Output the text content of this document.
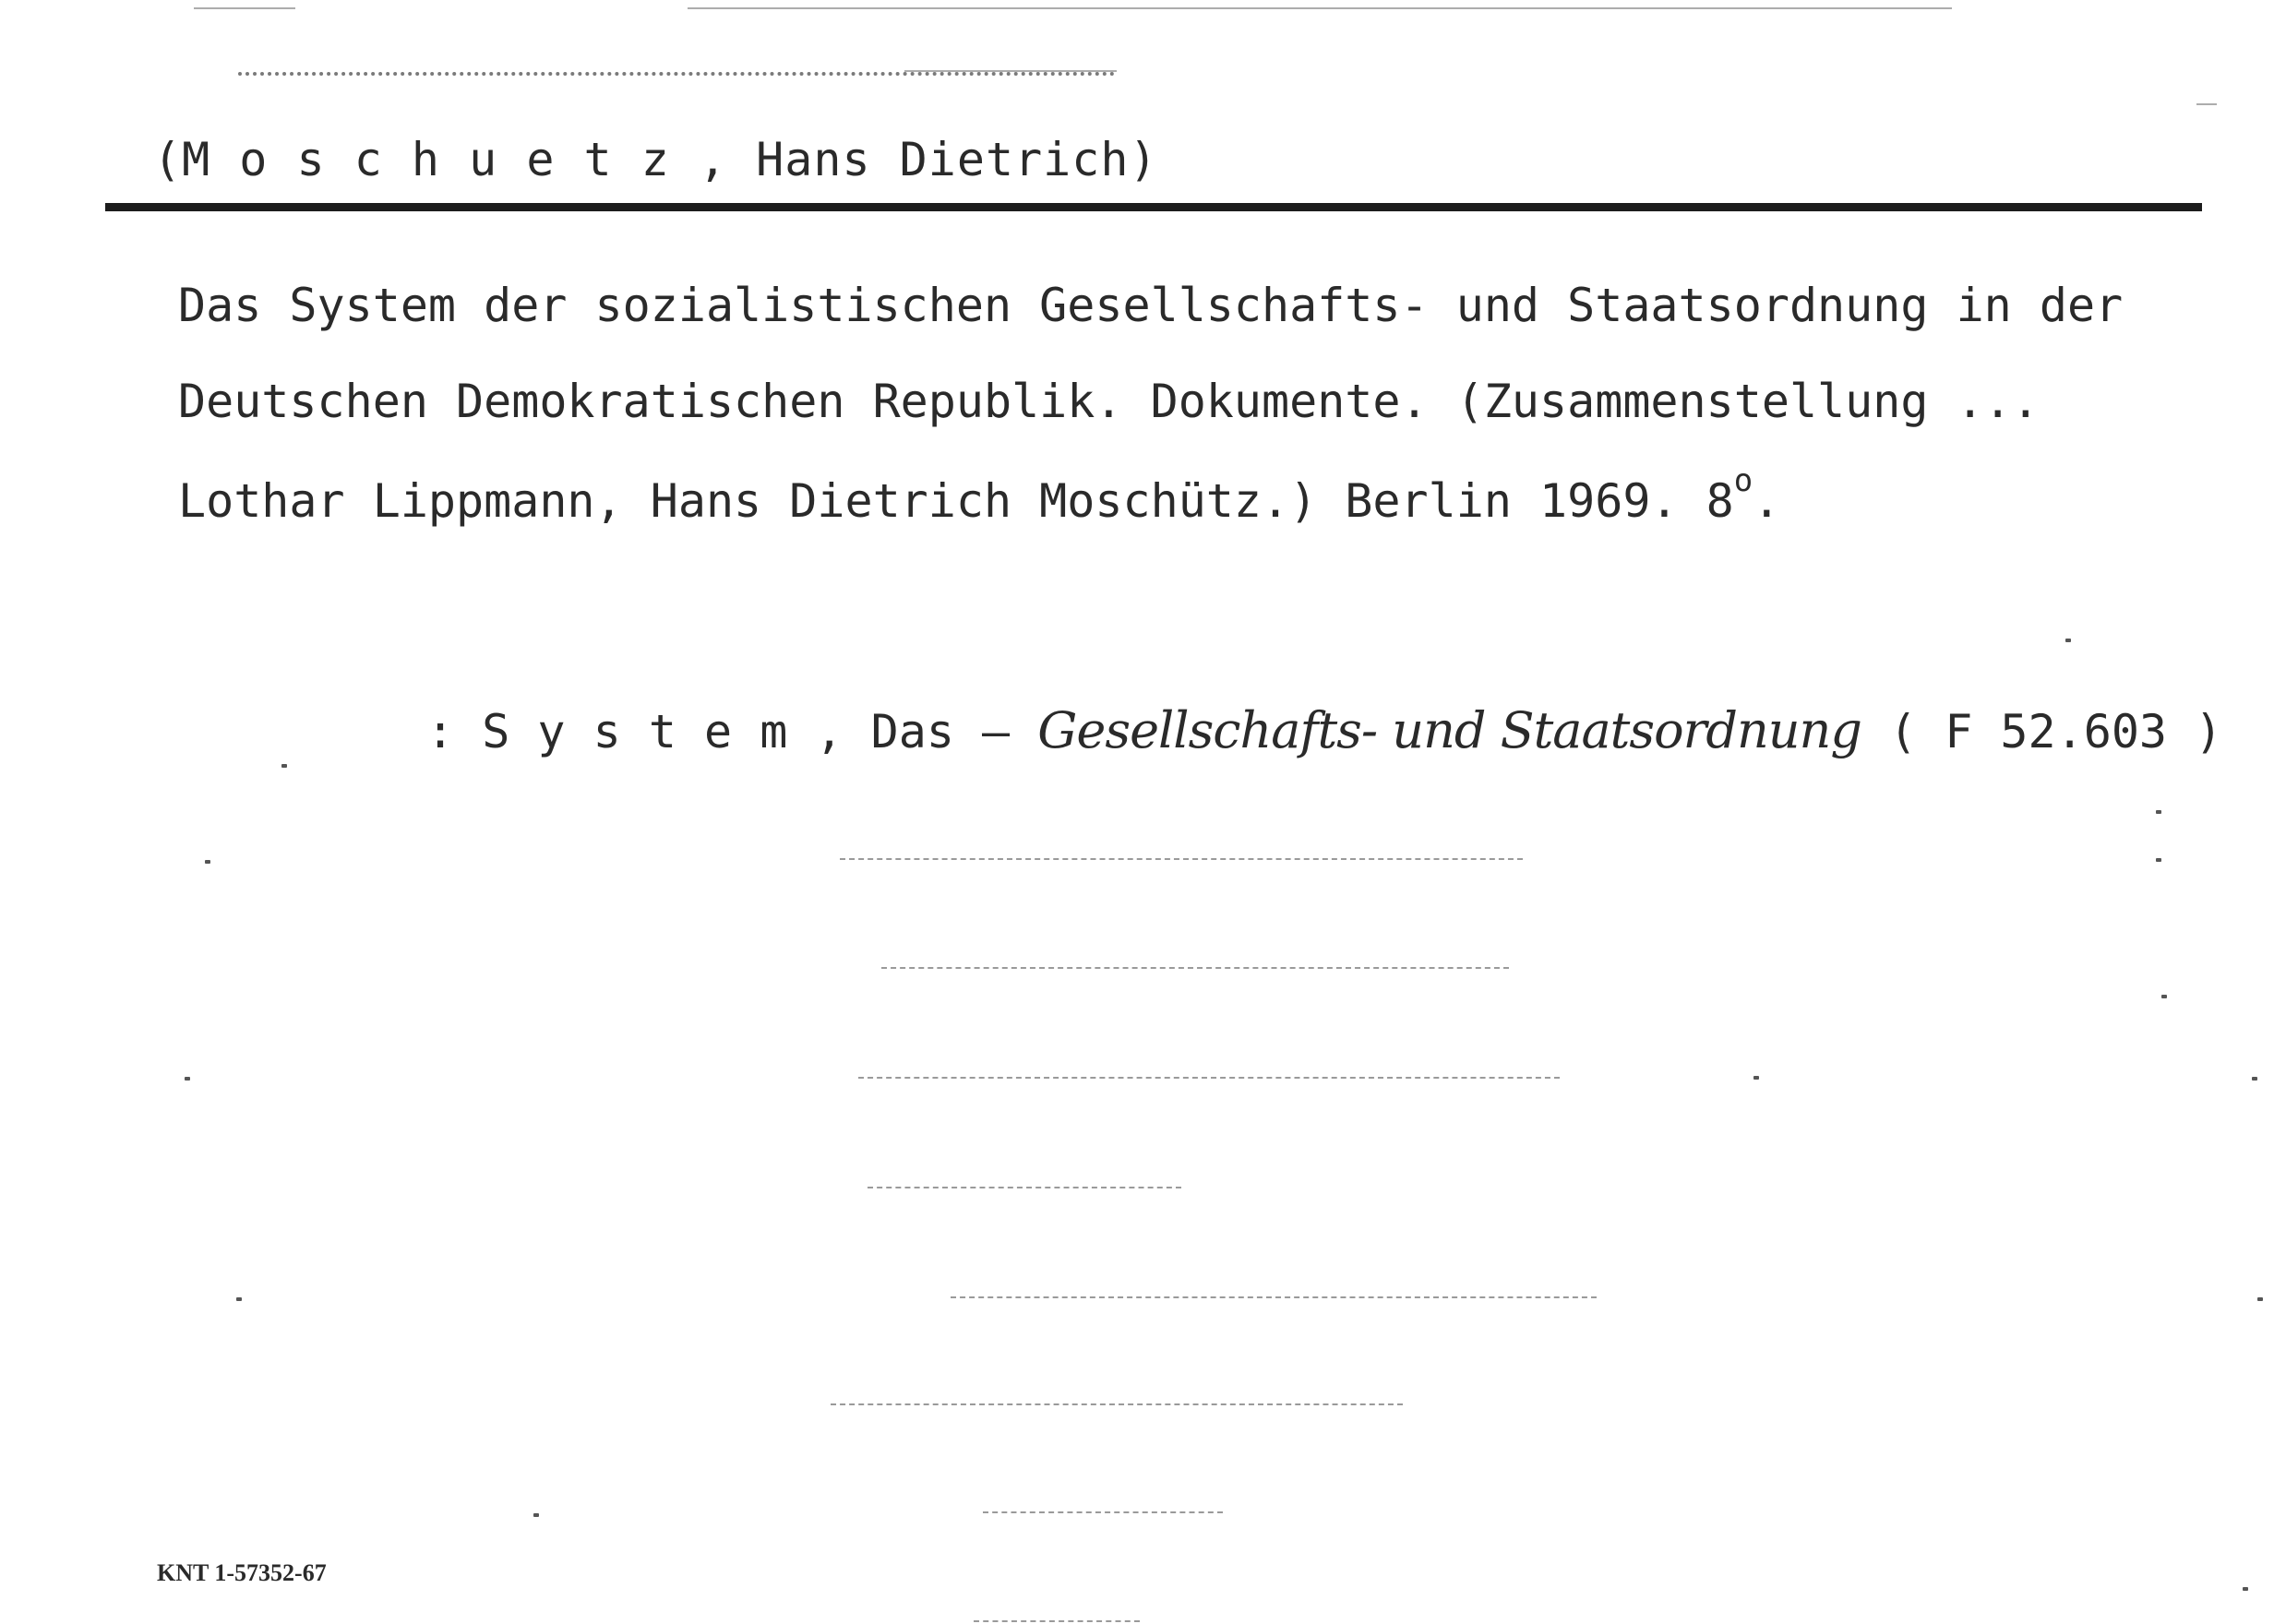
(M o s c h u e t z , Hans Dietrich)
Das System der sozialistischen Gesellschafts- und Staatsordnung in der
Deutschen Demokratischen Republik. Dokumente. (Zusammenstellung ...
Lothar Lippmann, Hans Dietrich Moschütz.) Berlin 1969. 8$^o$.
: S y s t e m , Das – Gesellschafts- und Staatsordnung ( F 52.603 )
KNT 1-57352-67
